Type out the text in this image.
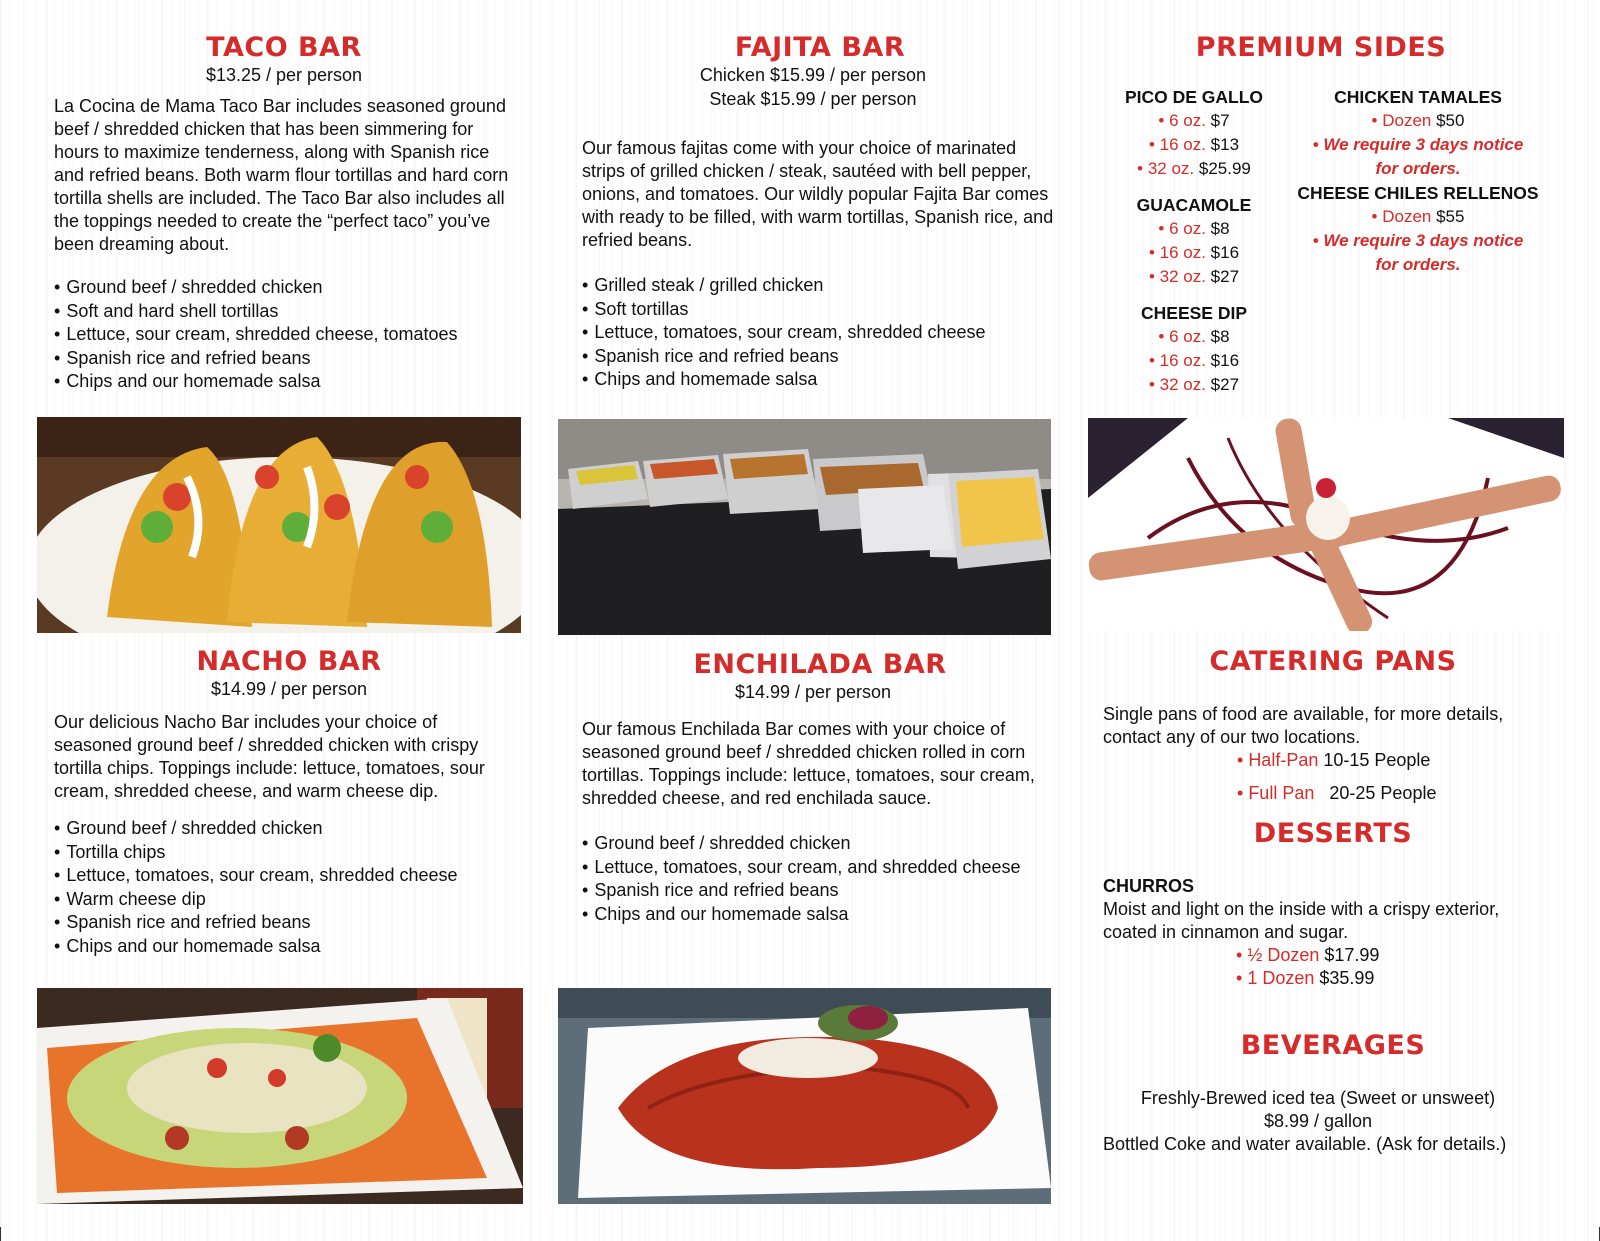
TACO BAR
$13.25 / per person

La Cocina de Mama Taco Bar includes seasoned ground beef / shredded chicken that has been simmering for hours to maximize tenderness, along with Spanish rice and refried beans. Both warm flour tortillas and hard corn tortilla shells are included. The Taco Bar also includes all the toppings needed to create the “perfect taco” you’ve been dreaming about.

• Ground beef / shredded chicken
• Soft and hard shell tortillas
• Lettuce, sour cream, shredded cheese, tomatoes
• Spanish rice and refried beans
• Chips and our homemade salsa
FAJITA BAR
Chicken $15.99 / per person
Steak $15.99 / per person

Our famous fajitas come with your choice of marinated strips of grilled chicken / steak, sautéed with bell pepper, onions, and tomatoes. Our wildly popular Fajita Bar comes with ready to be filled, with warm tortillas, Spanish rice, and refried beans.

• Grilled steak / grilled chicken
• Soft tortillas
• Lettuce, tomatoes, sour cream, shredded cheese
• Spanish rice and refried beans
• Chips and homemade salsa
PREMIUM SIDES
PICO DE GALLO
• 6 oz. $7
• 16 oz. $13
• 32 oz. $25.99
GUACAMOLE
• 6 oz. $8
• 16 oz. $16
• 32 oz. $27
CHEESE DIP
• 6 oz. $8
• 16 oz. $16
• 32 oz. $27
CHICKEN TAMALES
• Dozen $50
• We require 3 days notice
for orders.
CHEESE CHILES RELLENOS
• Dozen $55
• We require 3 days notice
for orders.
NACHO BAR
$14.99 / per person

Our delicious Nacho Bar includes your choice of seasoned ground beef / shredded chicken with crispy tortilla chips. Toppings include: lettuce, tomatoes, sour cream, shredded cheese, and warm cheese dip.

• Ground beef / shredded chicken
• Tortilla chips
• Lettuce, tomatoes, sour cream, shredded cheese
• Warm cheese dip
• Spanish rice and refried beans
• Chips and our homemade salsa
ENCHILADA BAR
$14.99 / per person

Our famous Enchilada Bar comes with your choice of seasoned ground beef / shredded chicken rolled in corn tortillas. Toppings include: lettuce, tomatoes, sour cream, shredded cheese, and red enchilada sauce.

• Ground beef / shredded chicken
• Lettuce, tomatoes, sour cream, and shredded cheese
• Spanish rice and refried beans
• Chips and our homemade salsa
CATERING PANS

Single pans of food are available, for more details, contact any of our two locations.

• Half-Pan 10-15 People
• Full Pan 20-25 People
DESSERTS
CHURROS

Moist and light on the inside with a crispy exterior, coated in cinnamon and sugar.

• ½ Dozen $17.99
• 1 Dozen $35.99
BEVERAGES
Freshly-Brewed iced tea (Sweet or unsweet)
$8.99 / gallon
Bottled Coke and water available. (Ask for details.)
